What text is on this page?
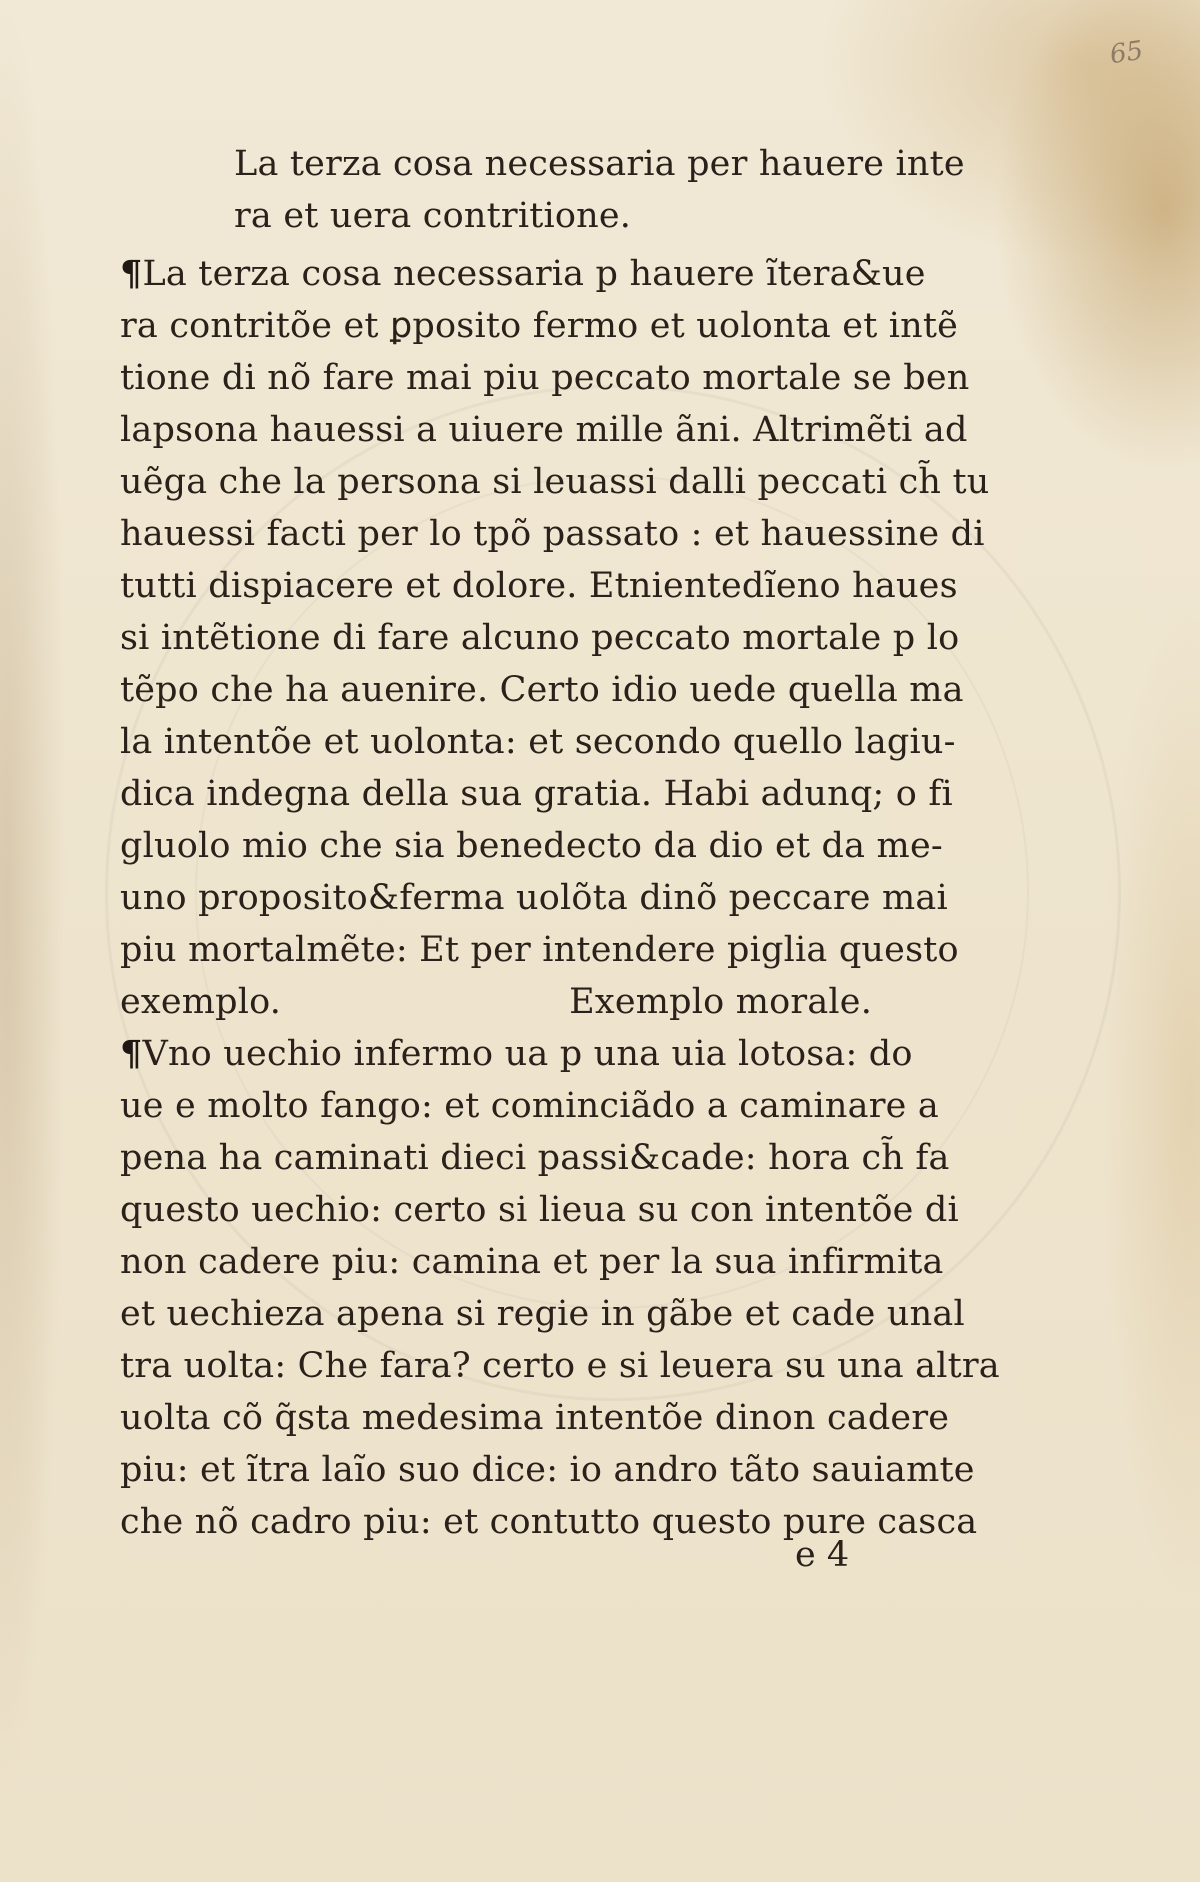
65
La terza cosa necessaria per hauere inte
ra et uera contritione.
¶La terza cosa necessaria p hauere ĩtera&ue
ra contritõe et ꝑposito fermo et uolonta et intẽ
tione di nõ fare mai piu peccato mortale se ben
lapsona hauessi a uiuere mille ãni. Altrimẽti ad
uẽga che la persona si leuassi dalli peccati ch̃ tu
hauessi facti per lo tpõ passato : et hauessine di
tutti dispiacere et dolore. Etnientedĩeno haues
si intẽtione di fare alcuno peccato mortale p lo
tẽpo che ha auenire. Certo idio uede quella ma
la intentõe et uolonta: et secondo quello lagiu-
dica indegna della sua gratia. Habi adunq; o fi
gluolo mio che sia benedecto da dio et da me-
uno proposito&ferma uolõta dinõ peccare mai
piu mortalmẽte: Et per intendere piglia questo
exemplo.	Exemplo morale.
¶Vno uechio infermo ua p una uia lotosa: do
ue e molto fango: et cominciãdo a caminare a
pena ha caminati dieci passi&cade: hora ch̃ fa
questo uechio: certo si lieua su con intentõe di
non cadere piu: camina et per la sua infirmita
et uechieza apena si regie in gãbe et cade unal
tra uolta: Che fara? certo e si leuera su una altra
uolta cõ q̃sta medesima intentõe dinon cadere
piu: et ĩtra laĩo suo dice: io andro tãto sauiamte
che nõ cadro piu: et contutto questo pure casca
e 4
